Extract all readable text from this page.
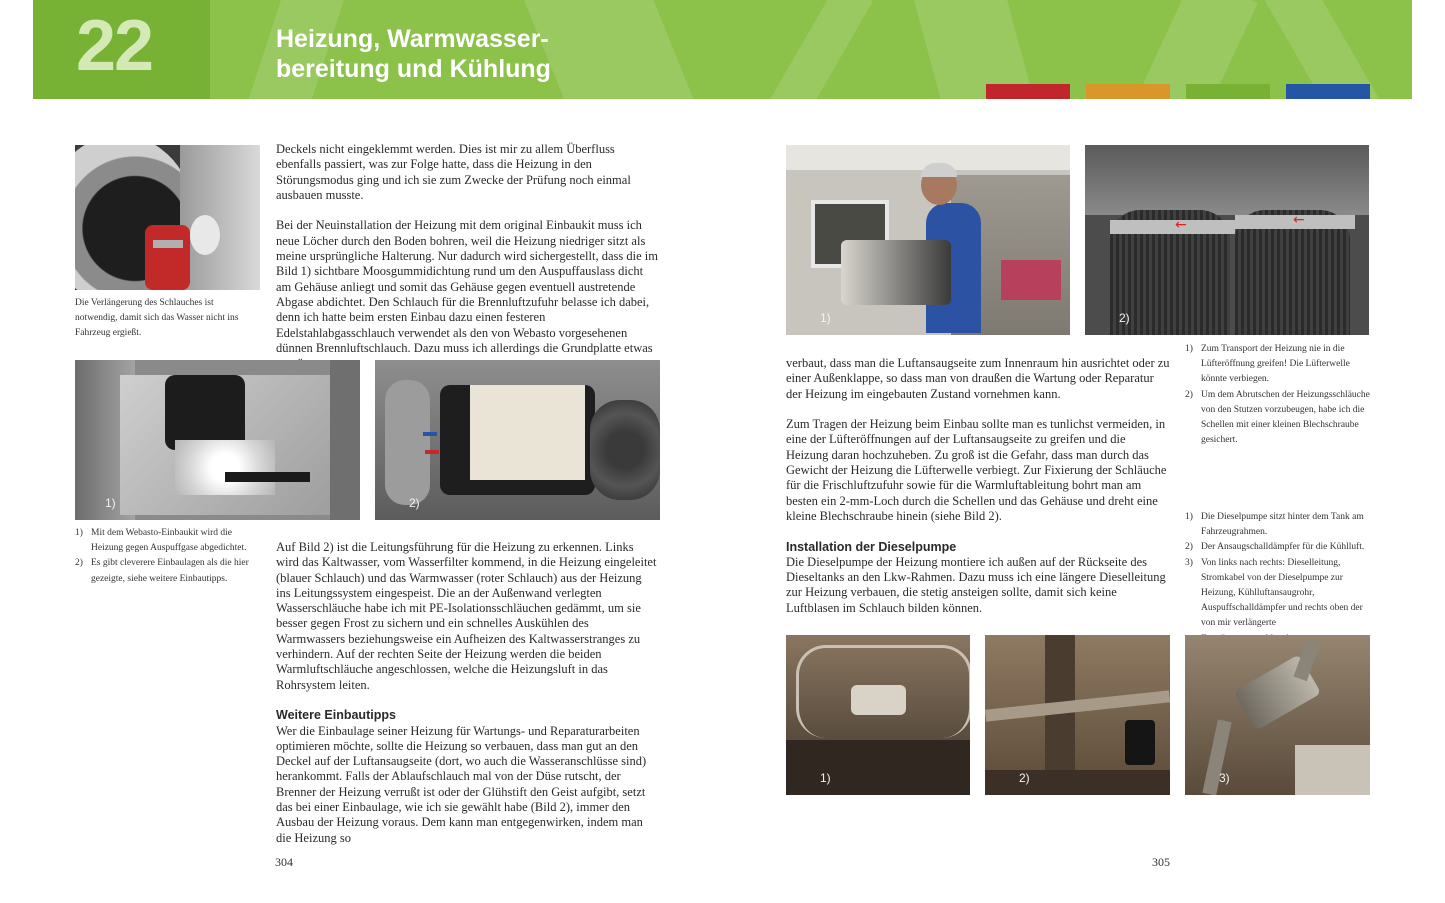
22	Heizung, Warmwasser-
bereitung und Kühlung
Die Verlängerung des Schlauches ist notwendig, damit sich das Wasser nicht ins Fahrzeug ergießt.

Deckels nicht eingeklemmt werden. Dies ist mir zu allem Überfluss ebenfalls passiert, was zur Folge hatte, dass die Heizung in den Störungsmodus ging und ich sie zum Zwecke der Prüfung noch einmal ausbauen musste.

Bei der Neuinstallation der Heizung mit dem original Einbaukit muss ich neue Löcher durch den Boden bohren, weil die Heizung niedriger sitzt als meine ursprüngliche Halterung. Nur dadurch wird sichergestellt, dass die im Bild 1) sichtbare Moosgummidichtung rund um den Auspuffauslass dicht am Gehäuse anliegt und somit das Gehäuse gegen eventuell austretende Abgase abdichtet. Den Schlauch für die Brennluftzufuhr belasse ich dabei, denn ich hatte beim ersten Einbau dazu einen festeren Edelstahlabgasschlauch verwendet als den von Webasto vorgesehenen dünnen Brennluftschlauch. Dazu muss ich allerdings die Grundplatte etwas

1)	2)
1) Mit dem Webasto-Einbaukit wird die Heizung gegen Auspuffgase abgedichtet.
2) Es gibt cleverere Einbaulagen als die hier gezeigte, siehe weitere Einbautipps.

Auf Bild 2) ist die Leitungsführung für die Heizung zu erkennen. Links wird das Kaltwasser, vom Wasserfilter kommend, in die Heizung eingeleitet (blauer Schlauch) und das Warmwasser (roter Schlauch) aus der Heizung ins Leitungssystem eingespeist. Die an der Außenwand verlegten Wasserschläuche habe ich mit PE-Isolationsschläuchen gedämmt, um sie besser gegen Frost zu sichern und ein schnelles Auskühlen des Warmwassers beziehungsweise ein Aufheizen des Kaltwasserstranges zu verhindern. Auf der rechten Seite der Heizung werden die beiden Warmluftschläuche angeschlossen, welche die Heizungsluft in das Rohrsystem leiten.

Weitere Einbautipps

Wer die Einbaulage seiner Heizung für Wartungs- und Reparaturarbeiten optimieren möchte, sollte die Heizung so verbauen, dass man gut an den Deckel auf der Luftansaugseite (dort, wo auch die Wasseranschlüsse sind) herankommt. Falls der Ablaufschlauch mal von der Düse rutscht, der Brenner der Heizung verrußt ist oder der Glühstift den Geist aufgibt, setzt das bei einer Einbaulage, wie ich sie gewählt habe (Bild 2), immer den Ausbau der Heizung voraus. Dem kann man entgegenwirken, indem man die Heizung so

304
1)
←	←
2)
1) Zum Transport der Heizung nie in die Lüfteröffnung greifen! Die Lüfterwelle könnte verbiegen.
2) Um dem Abrutschen der Heizungsschläuche von den Stutzen vorzubeugen, habe ich die Schellen mit einer kleinen Blechschraube gesichert.

verbaut, dass man die Luftansaugseite zum Innenraum hin ausrichtet oder zu einer Außenklappe, so dass man von draußen die Wartung oder Reparatur der Heizung im eingebauten Zustand vornehmen kann.

Zum Tragen der Heizung beim Einbau sollte man es tunlichst vermeiden, in eine der Lüfteröffnungen auf der Luftansaugseite zu greifen und die Heizung daran hochzuheben. Zu groß ist die Gefahr, dass man durch das Gewicht der Heizung die Lüfterwelle verbiegt. Zur Fixierung der Schläuche für die Frischluftzufuhr sowie für die Warmluftableitung bohrt man am besten ein 2-mm-Loch durch die Schellen und das Gehäuse und dreht eine kleine Blechschraube hinein (siehe Bild 2).

Installation der Dieselpumpe

Die Dieselpumpe der Heizung montiere ich außen auf der Rückseite des Dieseltanks an den Lkw-Rahmen. Dazu muss ich eine längere Dieselleitung zur Heizung verbauen, die stetig ansteigen sollte, damit sich keine Luftblasen im Schlauch bilden können.

1) Die Dieselpumpe sitzt hinter dem Tank am Fahrzeugrahmen.
2) Der Ansaugschalldämpfer für die Kühlluft.
3) Von links nach rechts: Dieselleitung, Stromkabel von der Dieselpumpe zur Heizung, Kühlluftansaugrohr, Auspuffschalldämpfer und rechts oben der von mir verlängerte
1)	2)	3)
305
